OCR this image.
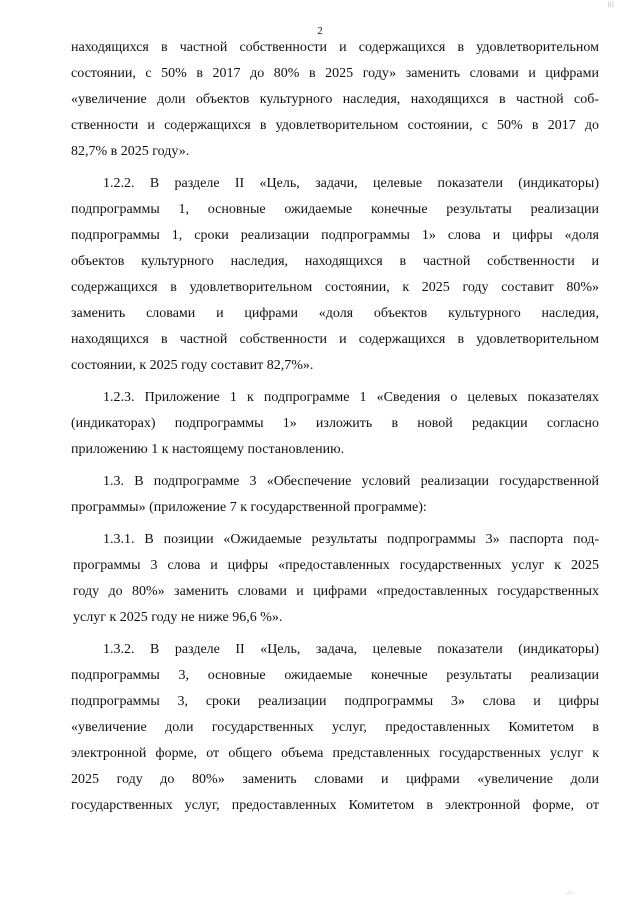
|||
2
находящихся в частной собственности и содержащихся в удовлетворительном
состоянии, с 50% в 2017 до 80% в 2025 году» заменить словами и цифрами
«увеличение доли объектов культурного наследия, находящихся в частной соб-
ственности и содержащихся в удовлетворительном состоянии, с 50% в 2017 до
82,7% в 2025 году».
1.2.2. В разделе II «Цель, задачи, целевые показатели (индикаторы)
подпрограммы 1, основные ожидаемые конечные результаты реализации
подпрограммы 1, сроки реализации подпрограммы 1» слова и цифры «доля
объектов культурного наследия, находящихся в частной собственности и
содержащихся в удовлетворительном состоянии, к 2025 году составит 80%»
заменить словами и цифрами «доля объектов культурного наследия,
находящихся в частной собственности и содержащихся в удовлетворительном
состоянии, к 2025 году составит 82,7%».
1.2.3. Приложение 1 к подпрограмме 1 «Сведения о целевых показателях
(индикаторах) подпрограммы 1» изложить в новой редакции согласно
приложению 1 к настоящему постановлению.
1.3. В подпрограмме 3 «Обеспечение условий реализации государственной
программы» (приложение 7 к государственной программе):
1.3.1. В позиции «Ожидаемые результаты подпрограммы 3» паспорта под-
программы 3 слова и цифры «предоставленных государственных услуг к 2025
году до 80%» заменить словами и цифрами «предоставленных государственных
услуг к 2025 году не ниже 96,6 %».
1.3.2. В разделе II «Цель, задача, целевые показатели (индикаторы)
подпрограммы 3, основные ожидаемые конечные результаты реализации
подпрограммы 3, сроки реализации подпрограммы 3» слова и цифры
«увеличение доли государственных услуг, предоставленных Комитетом в
электронной форме, от общего объема представленных государственных услуг к
2025 году до 80%» заменить словами и цифрами «увеличение доли
государственных услуг, предоставленных Комитетом в электронной форме, от
.:.
